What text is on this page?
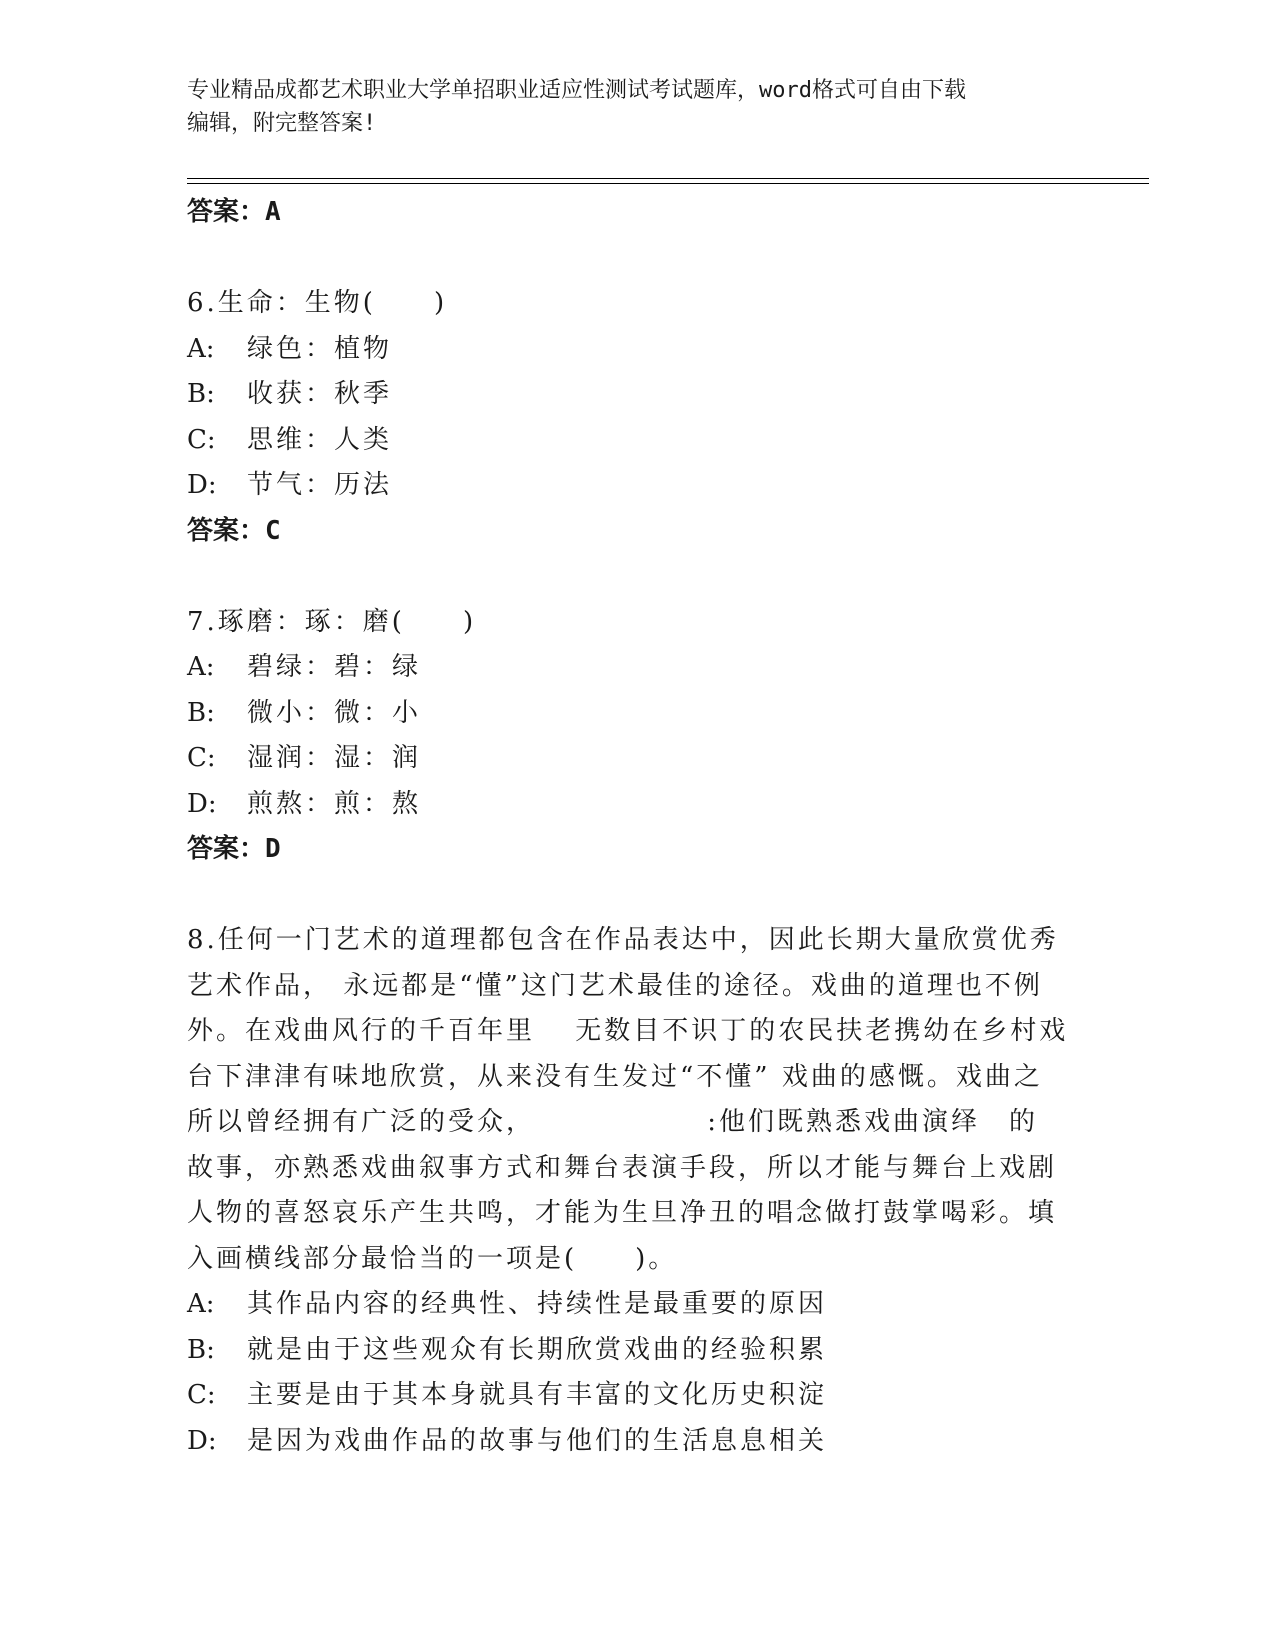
专业精品成都艺术职业大学单招职业适应性测试考试题库，word格式可自由下载
编辑，附完整答案!
答案：A
6.生命：生物(　　)
A: 绿色：植物
B: 收获：秋季
C: 思维：人类
D: 节气：历法
答案：C
7.琢磨：琢：磨(　　)
A: 碧绿：碧：绿
B: 微小：微：小
C: 湿润：湿：润
D: 煎熬：煎：熬
答案：D
8.任何一门艺术的道理都包含在作品表达中，因此长期大量欣赏优秀
艺术作品， 永远都是“懂”这门艺术最佳的途径。戏曲的道理也不例
外。在戏曲风行的千百年里　 无数目不识丁的农民扶老携幼在乡村戏
台下津津有味地欣赏，从来没有生发过“不懂” 戏曲的感慨。戏曲之
所以曾经拥有广泛的受众，　　　　　　 :他们既熟悉戏曲演绎　的
故事，亦熟悉戏曲叙事方式和舞台表演手段，所以才能与舞台上戏剧
人物的喜怒哀乐产生共鸣，才能为生旦净丑的唱念做打鼓掌喝彩。填
入画横线部分最恰当的一项是(　　)。
A: 其作品内容的经典性、持续性是最重要的原因
B: 就是由于这些观众有长期欣赏戏曲的经验积累
C: 主要是由于其本身就具有丰富的文化历史积淀
D: 是因为戏曲作品的故事与他们的生活息息相关
